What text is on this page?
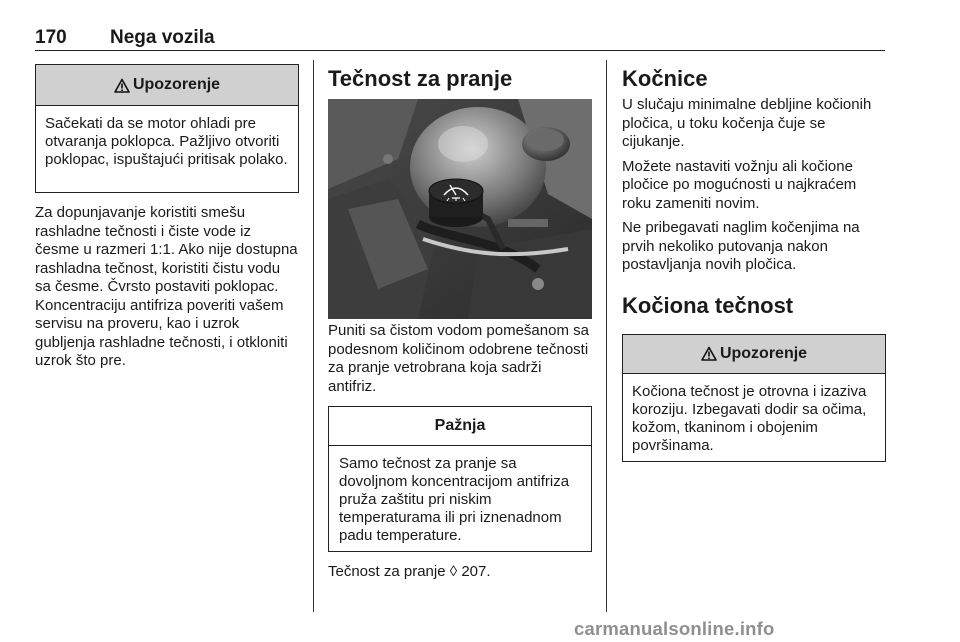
170 Nega vozila
Upozorenje
Sačekati da se motor ohladi pre otvaranja poklopca. Pažljivo otvoriti poklopac, ispuštajući pritisak polako.

Za dopunjavanje koristiti smešu rashladne tečnosti i čiste vode iz česme u razmeri 1:1. Ako nije dostupna rashladna tečnost, koristiti čistu vodu sa česme. Čvrsto postaviti poklopac. Koncentraciju antifriza poveriti vašem servisu na proveru, kao i uzrok gubljenja rashladne tečnosti, i otkloniti uzrok što pre.

Tečnost za pranje

Puniti sa čistom vodom pomešanom sa podesnom količinom odobrene tečnosti za pranje vetrobrana koja sadrži antifriz.

Pažnja
Samo tečnost za pranje sa dovoljnom koncentracijom antifriza pruža zaštitu pri niskim temperaturama ili pri iznenadnom padu temperature.

Tečnost za pranje ◊ 207.

Kočnice

U slučaju minimalne debljine kočionih pločica, u toku kočenja čuje se cijukanje.

Možete nastaviti vožnju ali kočione pločice po mogućnosti u najkraćem roku zameniti novim.

Ne pribegavati naglim kočenjima na prvih nekoliko putovanja nakon postavljanja novih pločica.

Kočiona tečnost
Upozorenje
Kočiona tečnost je otrovna i izaziva koroziju. Izbegavati dodir sa očima, kožom, tkaninom i obojenim površinama.
carmanualsonline.info
